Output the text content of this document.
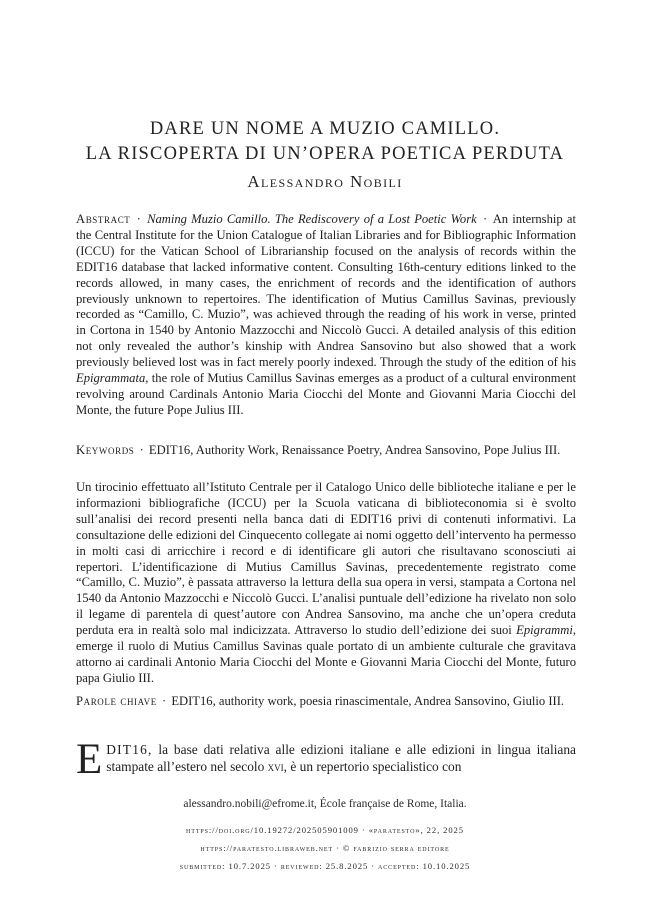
DARE UN NOME A MUZIO CAMILLO.
LA RISCOPERTA DI UN’OPERA POETICA PERDUTA
Alessandro Nobili
Abstract · Naming Muzio Camillo. The Rediscovery of a Lost Poetic Work · An internship at the Central Institute for the Union Catalogue of Italian Libraries and for Bibliographic Information (ICCU) for the Vatican School of Librarianship focused on the analysis of records within the EDIT16 database that lacked informative content. Consulting 16th-century editions linked to the records allowed, in many cases, the enrichment of records and the identification of authors previously unknown to repertoires. The identification of Mutius Camillus Savinas, previously recorded as “Camillo, C. Muzio”, was achieved through the reading of his work in verse, printed in Cortona in 1540 by Antonio Mazzocchi and Niccolò Gucci. A detailed analysis of this edition not only revealed the author’s kinship with Andrea Sansovino but also showed that a work previously believed lost was in fact merely poorly indexed. Through the study of the edition of his Epigrammata, the role of Mutius Camillus Savinas emerges as a product of a cultural environment revolving around Cardinals Antonio Maria Ciocchi del Monte and Giovanni Maria Ciocchi del Monte, the future Pope Julius III.
Keywords · EDIT16, Authority Work, Renaissance Poetry, Andrea Sansovino, Pope Julius III.
Un tirocinio effettuato all’Istituto Centrale per il Catalogo Unico delle biblioteche italiane e per le informazioni bibliografiche (ICCU) per la Scuola vaticana di biblioteconomia si è svolto sull’analisi dei record presenti nella banca dati di EDIT16 privi di contenuti informativi. La consultazione delle edizioni del Cinquecento collegate ai nomi oggetto dell’intervento ha permesso in molti casi di arricchire i record e di identificare gli autori che risultavano sconosciuti ai repertori. L’identificazione di Mutius Camillus Savinas, precedentemente registrato come “Camillo, C. Muzio”, è passata attraverso la lettura della sua opera in versi, stampata a Cortona nel 1540 da Antonio Mazzocchi e Niccolò Gucci. L’analisi puntuale dell’edizione ha rivelato non solo il legame di parentela di quest’autore con Andrea Sansovino, ma anche che un’opera creduta perduta era in realtà solo mal indicizzata. Attraverso lo studio dell’edizione dei suoi Epigrammi, emerge il ruolo di Mutius Camillus Savinas quale portato di un ambiente culturale che gravitava attorno ai cardinali Antonio Maria Ciocchi del Monte e Giovanni Maria Ciocchi del Monte, futuro papa Giulio III.
Parole chiave · EDIT16, authority work, poesia rinascimentale, Andrea Sansovino, Giulio III.
EDIT16, la base dati relativa alle edizioni italiane e alle edizioni in lingua italiana stampate all’estero nel secolo xvi, è un repertorio specialistico con
alessandro.nobili@efrome.it, École française de Rome, Italia.
https://doi.org/10.19272/202505901009 · «paratesto», 22, 2025
https://paratesto.libraweb.net · © fabrizio serra editore
submitted: 10.7.2025 · reviewed: 25.8.2025 · accepted: 10.10.2025
